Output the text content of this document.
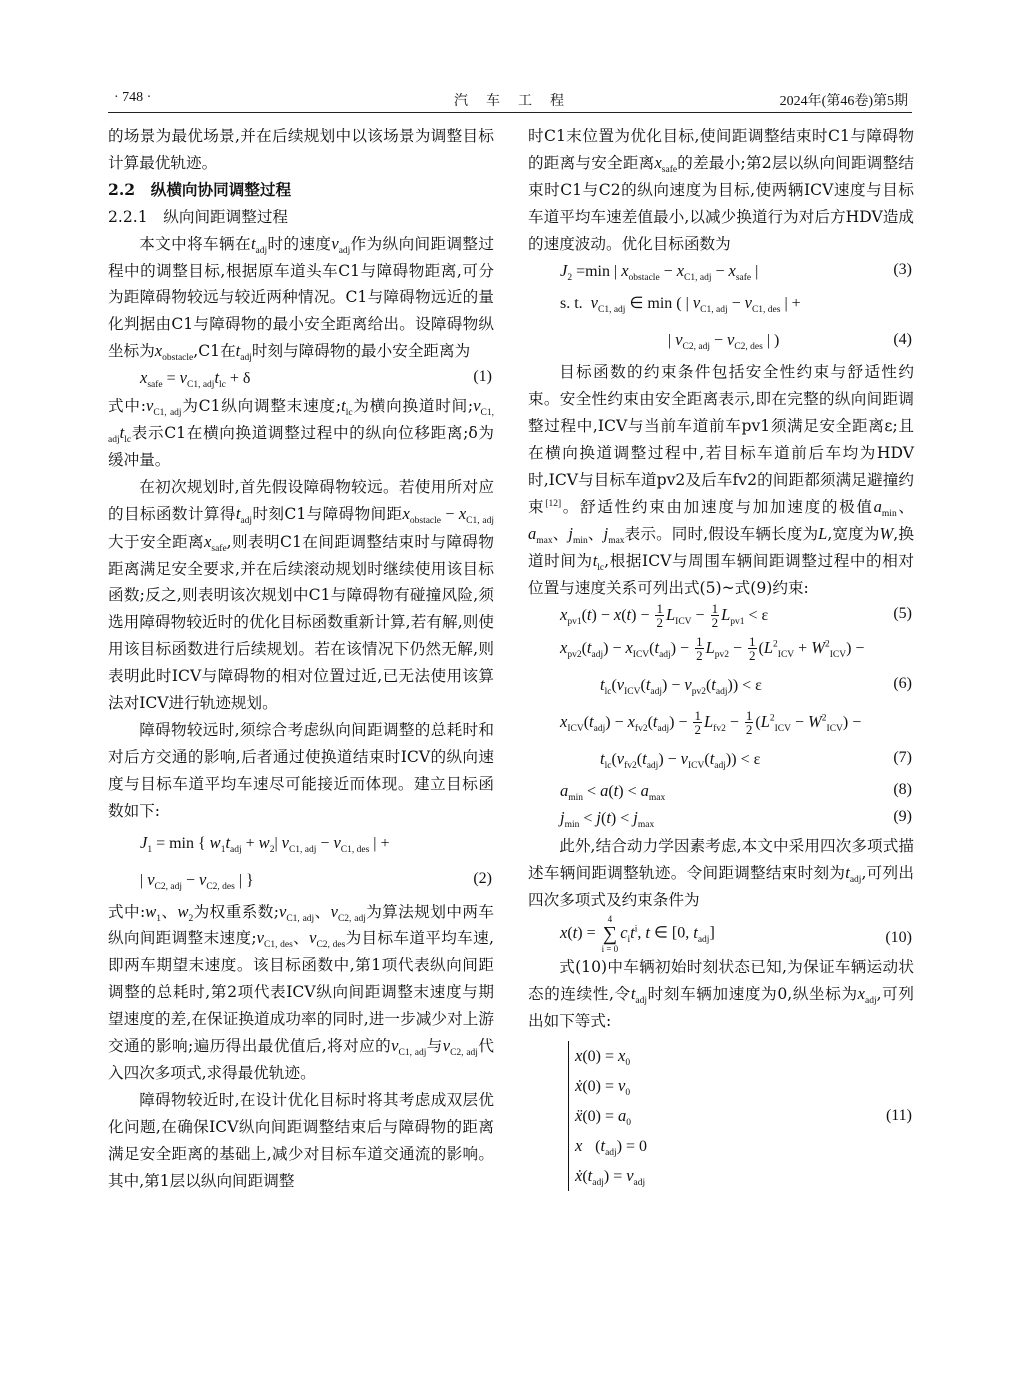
· 748 ·	汽　车　工　程	2024年(第46卷)第5期

的场景为最优场景,并在后续规划中以该场景为调整目标计算最优轨迹。

2.2　纵横向协同调整过程
2.2.1　纵向间距调整过程

本文中将车辆在$t_{adj}$时的速度$v_{adj}$作为纵向间距调整过程中的调整目标,根据原车道头车C1与障碍物距离,可分为距障碍物较远与较近两种情况。C1与障碍物远近的量化判据由C1与障碍物的最小安全距离给出。设障碍物纵坐标为$x_{obstacle},C1$在$t_{adj}$时刻与障碍物的最小安全距离为

$x_{safe} = v_{C1, adj}t_{lc} + \delta$	(1)

式中$:v_{C1, adj}$为C1纵向调整末速度$;t_{lc}$为横向换道时间$;v_{C1, adj}t_{lc}$表示C1在横向换道调整过程中的纵向位移距离;δ为缓冲量。

在初次规划时,首先假设障碍物较远。若使用所对应的目标函数计算得$t_{adj}$时刻C1与障碍物间距$x_{obstacle} - x_{C1, adj}$大于安全距离$x_{safe}$,则表明C1在间距调整结束时与障碍物距离满足安全要求,并在后续滚动规划时继续使用该目标函数;反之,则表明该次规划中C1与障碍物有碰撞风险,须选用障碍物较近时的优化目标函数重新计算,若有解,则使用该目标函数进行后续规划。若在该情况下仍然无解,则表明此时ICV与障碍物的相对位置过近,已无法使用该算法对ICV进行轨迹规划。

障碍物较远时,须综合考虑纵向间距调整的总耗时和对后方交通的影响,后者通过使换道结束时ICV的纵向速度与目标车道平均车速尽可能接近而体现。建立目标函数如下:

$J_1 = \min$ { $w_1t_{adj} + w_2|$ $v_{C1, adj} - v_{C1, des}$ | +
| $v_{C2, adj} - v_{C2, des}$ | }	(2)

式中$:w_1$、$w_2$为权重系数$;v_{C1, adj}$、$v_{C2, adj}$为算法规划中两车纵向间距调整末速度$;v_{C1, des}$、$v_{C2, des}$为目标车道平均车速,即两车期望末速度。该目标函数中,第1项代表纵向间距调整的总耗时,第2项代表ICV纵向间距调整末速度与期望速度的差,在保证换道成功率的同时,进一步减少对上游交通的影响;遍历得出最优值后,将对应的$v_{C1, adj}$与$v_{C2, adj}$代入四次多项式,求得最优轨迹。

障碍物较近时,在设计优化目标时将其考虑成双层优化问题,在确保ICV纵向间距调整结束后与障碍物的距离满足安全距离的基础上,减少对目标车道交通流的影响。其中,第1层以纵向间距调整

时C1末位置为优化目标,使间距调整结束时C1与障碍物的距离与安全距离$x_{safe}$的差最小;第2层以纵向间距调整结束时C1与C2的纵向速度为目标,使两辆ICV速度与目标车道平均车速差值最小,以减少换道行为对后方HDV造成的速度波动。优化目标函数为

$J_2 =\min$ | $x_{obstacle} - x_{C1, adj} - x_{safe}$ |	(3)
s. t.  $v_{C1, adj}$ ∈ min ( | $v_{C1, adj} - v_{C1, des}$ | +
| $v_{C2, adj} - v_{C2, des}$ | )	(4)

目标函数的约束条件包括安全性约束与舒适性约束。安全性约束由安全距离表示,即在完整的纵向间距调整过程中,ICV与当前车道前车pv1须满足安全距离ε;且在横向换道调整过程中,若目标车道前后车均为HDV时,ICV与目标车道pv2及后车fv2的间距都须满足避撞约束[12]。舒适性约束由加速度与加加速度的极值$a_{min}$、$a_{max}$、$j_{min}$、$j_{max}$表示。同时,假设车辆长度为L,宽度为W,换道时间为$t_{lc}$,根据ICV与周围车辆间距调整过程中的相对位置与速度关系可列出式(5)~式(9)约束:

$x_{pv1}(t) - x(t) - \frac{1}{2} L_{ICV} - \frac{1}{2} L_{pv1} < \varepsilon$	(5)
$x_{pv2}(t_{adj}) - x_{ICV}(t_{adj}) - \frac{1}{2} L_{pv2} - \frac{1}{2} (L^2_{ICV} + W^2_{ICV})$ −
$t_{lc}(v_{ICV}(t_{adj}) - v_{pv2}(t_{adj})) < \varepsilon$	(6)
$x_{ICV}(t_{adj}) - x_{fv2}(t_{adj}) - \frac{1}{2} L_{fv2} - \frac{1}{2} (L^2_{ICV} - W^2_{ICV})$ −
$t_{lc}(v_{fv2}(t_{adj}) - v_{ICV}(t_{adj})) < \varepsilon$	(7)
$a_{min} < a(t) < a_{max}$
(8)
$j_{min} < j(t) < j_{max}$
(9)

此外,结合动力学因素考虑,本文中采用四次多项式描述车辆间距调整轨迹。令间距调整结束时刻为$t_{adj}$,可列出四次多项式及约束条件为

x(t) =
4
∑
i = 0
$c_it^i$, t ∈ [0, $t_{adj}$]	(10)

式(10)中车辆初始时刻状态已知,为保证车辆运动状态的连续性,令$t_{adj}$时刻车辆加速度为0,纵坐标为$x_{adj}$,可列出如下等式:

$x(0) = x_0$
ẋ(0) = $v_0$
ẍ(0) = $a_0$
$x⃛(t_{adj}) = 0$
$ẋ(t_{adj}) = v_{adj}$
(11)
